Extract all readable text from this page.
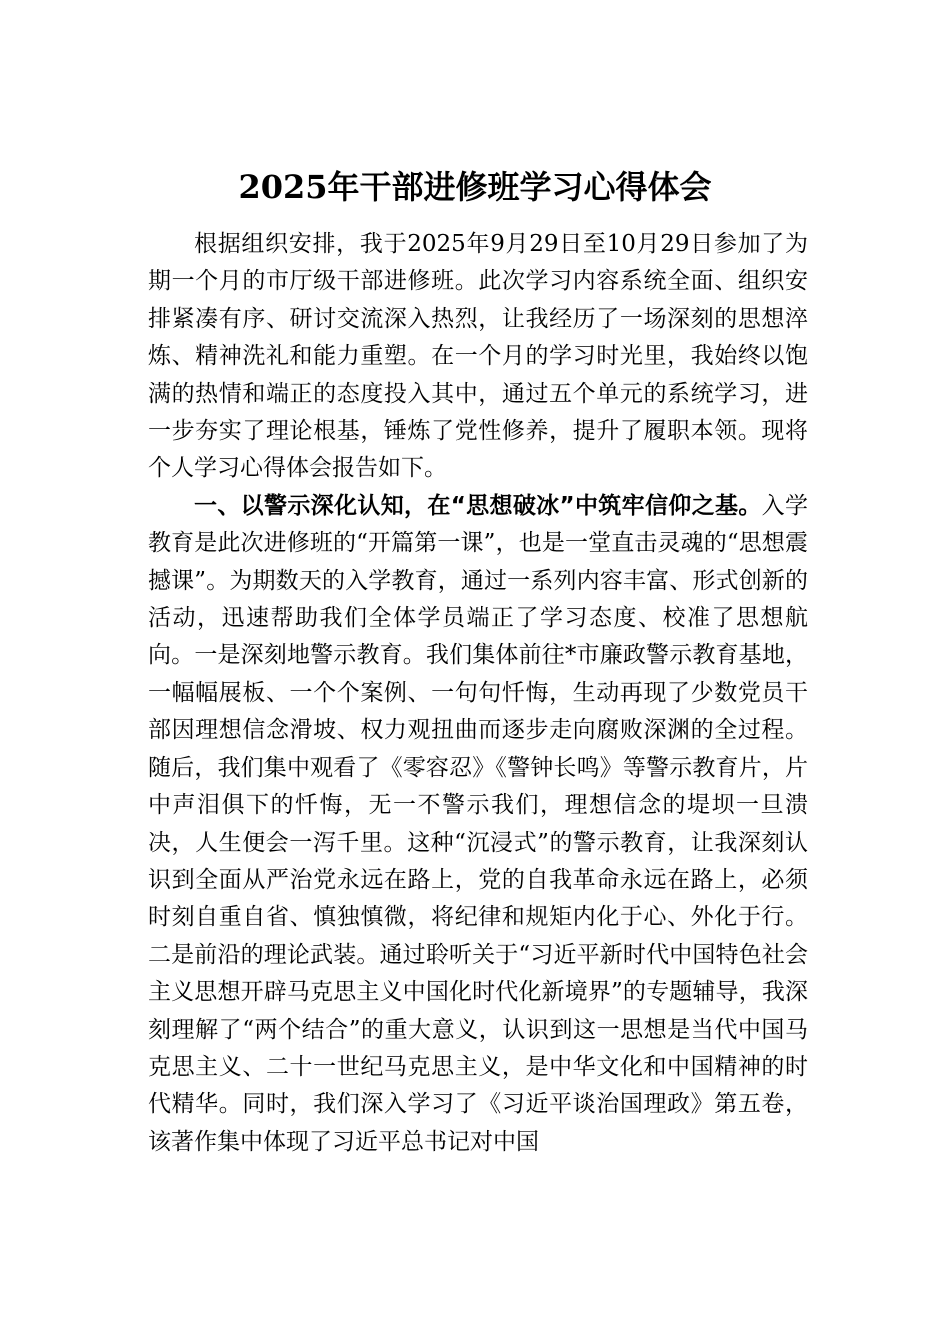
2025年干部进修班学习心得体会

根据组织安排，我于2025年9月29日至10月29日参加了为期一个月的市厅级干部进修班。此次学习内容系统全面、组织安排紧凑有序、研讨交流深入热烈，让我经历了一场深刻的思想淬炼、精神洗礼和能力重塑。在一个月的学习时光里，我始终以饱满的热情和端正的态度投入其中，通过五个单元的系统学习，进一步夯实了理论根基，锤炼了党性修养，提升了履职本领。现将个人学习心得体会报告如下。

一、以警示深化认知，在“思想破冰”中筑牢信仰之基。入学教育是此次进修班的“开篇第一课”，也是一堂直击灵魂的“思想震撼课”。为期数天的入学教育，通过一系列内容丰富、形式创新的活动，迅速帮助我们全体学员端正了学习态度、校准了思想航向。一是深刻地警示教育。我们集体前往*市廉政警示教育基地，一幅幅展板、一个个案例、一句句忏悔，生动再现了少数党员干部因理想信念滑坡、权力观扭曲而逐步走向腐败深渊的全过程。随后，我们集中观看了《零容忍》《警钟长鸣》等警示教育片，片中声泪俱下的忏悔，无一不警示我们，理想信念的堤坝一旦溃决，人生便会一泻千里。这种“沉浸式”的警示教育，让我深刻认识到全面从严治党永远在路上，党的自我革命永远在路上，必须时刻自重自省、慎独慎微，将纪律和规矩内化于心、外化于行。二是前沿的理论武装。通过聆听关于“习近平新时代中国特色社会主义思想开辟马克思主义中国化时代化新境界”的专题辅导，我深刻理解了“两个结合”的重大意义，认识到这一思想是当代中国马克思主义、二十一世纪马克思主义，是中华文化和中国精神的时代精华。同时，我们深入学习了《习近平谈治国理政》第五卷，该著作集中体现了习近平总书记对中国
